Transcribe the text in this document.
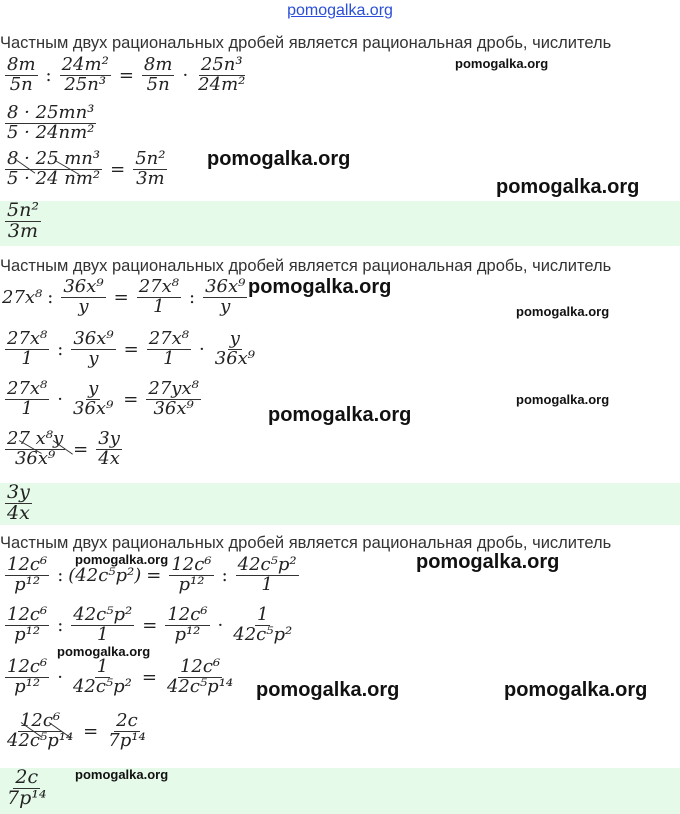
pomogalka.org
Частным двух рациональных дробей является рациональная дробь, числитель
$\frac{8m}{5n}$ : $\frac{\text{24m²}}{\text{25n³}} = \frac{8m}{5n} \cdot \frac{\text{25n³}}{\text{24m²}}$
$\frac{\text{8 · 25mn³}}{\text{5 · 24nm²}}$
$\frac{\text{8 · 25 mn³}}{\text{5 · 24 nm²}} = \frac{\text{5n²}}{3m}$
$\frac{\text{5n²}}{3m}$
Частным двух рациональных дробей является рациональная дробь, числитель
27x⁸ : $\frac{\text{36x⁹}}{y} = \frac{\text{27x⁸}}{1}$ : $\frac{\text{36x⁹}}{y}$
$\frac{\text{27x⁸}}{1}$ : $\frac{\text{36x⁹}}{y} = \frac{\text{27x⁸}}{1} \cdot \frac{y}{\text{36x⁹}}$
$\frac{\text{27x⁸}}{1} \cdot \frac{y}{\text{36x⁹}} = \frac{\text{27yx⁸}}{\text{36x⁹}}$
$\frac{\text{27 x⁸y}}{\text{36x⁹}} = \frac{3y}{4x}$
$\frac{3y}{4x}$
Частным двух рациональных дробей является рациональная дробь, числитель
$\frac{\text{12c⁶}}{\text{p¹²}}$ : $(42c^5p^2) = \frac{\text{12c⁶}}{\text{p¹²}}$ : $\frac{\text{42c⁵p²}}{1}$
$\frac{\text{12c⁶}}{\text{p¹²}}$ : $\frac{\text{42c⁵p²}}{1} = \frac{\text{12c⁶}}{\text{p¹²}} \cdot \frac{1}{\text{42c⁵p²}}$
$\frac{\text{12c⁶}}{\text{p¹²}} \cdot \frac{1}{\text{42c⁵p²}} = \frac{\text{12c⁶}}{\text{42c⁵p¹⁴}}$
$\frac{\text{12c⁶}}{\text{42c⁵p¹⁴}} = \frac{2c}{\text{7p¹⁴}}$
$\frac{2c}{\text{7p¹⁴}}$
pomogalka.org
pomogalka.org
pomogalka.org
pomogalka.org
pomogalka.org
pomogalka.org
pomogalka.org
pomogalka.org	pomogalka.org
pomogalka.org
pomogalka.org	pomogalka.org
pomogalka.org
